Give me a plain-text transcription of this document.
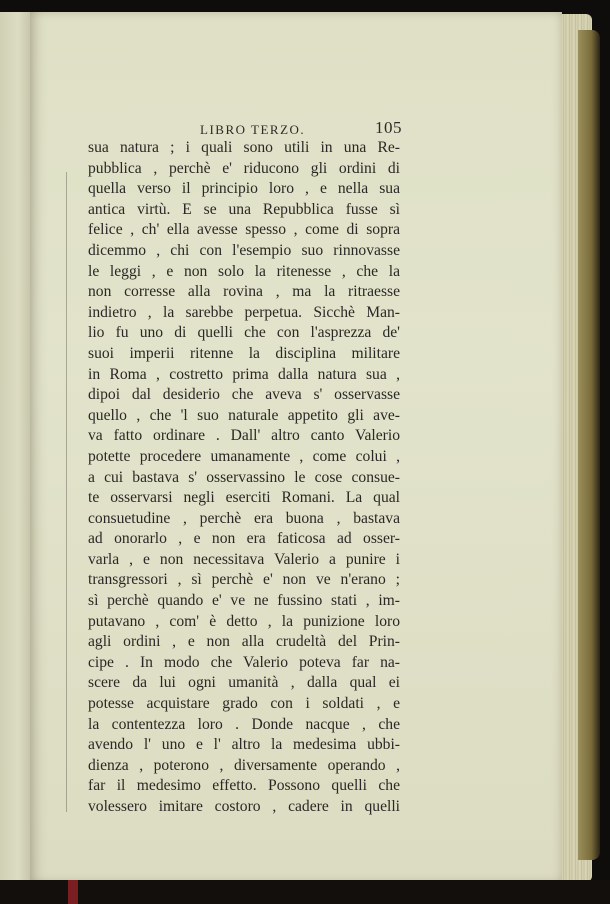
LIBRO TERZO.	105
sua natura ; i quali sono utili in una Re-
pubblica , perchè e' riducono gli ordini di
quella verso il principio loro , e nella sua
antica virtù. E se una Repubblica fusse sì
felice , ch' ella avesse spesso , come di sopra
dicemmo , chi con l'esempio suo rinnovasse
le leggi , e non solo la ritenesse , che la
non corresse alla rovina , ma la ritraesse
indietro , la sarebbe perpetua. Sicchè Man-
lio fu uno di quelli che con l'asprezza de'
suoi imperii ritenne la disciplina militare
in Roma , costretto prima dalla natura sua ,
dipoi dal desiderio che aveva s' osservasse
quello , che 'l suo naturale appetito gli ave-
va fatto ordinare . Dall' altro canto Valerio
potette procedere umanamente , come colui ,
a cui bastava s' osservassino le cose consue-
te osservarsi negli eserciti Romani. La qual
consuetudine , perchè era buona , bastava
ad onorarlo , e non era faticosa ad osser-
varla , e non necessitava Valerio a punire i
transgressori , sì perchè e' non ve n'erano ;
sì perchè quando e' ve ne fussino stati , im-
putavano , com' è detto , la punizione loro
agli ordini , e non alla crudeltà del Prin-
cipe . In modo che Valerio poteva far na-
scere da lui ogni umanità , dalla qual ei
potesse acquistare grado con i soldati , e
la contentezza loro . Donde nacque , che
avendo l' uno e l' altro la medesima ubbi-
dienza , poterono , diversamente operando ,
far il medesimo effetto. Possono quelli che
volessero imitare costoro , cadere in quelli
